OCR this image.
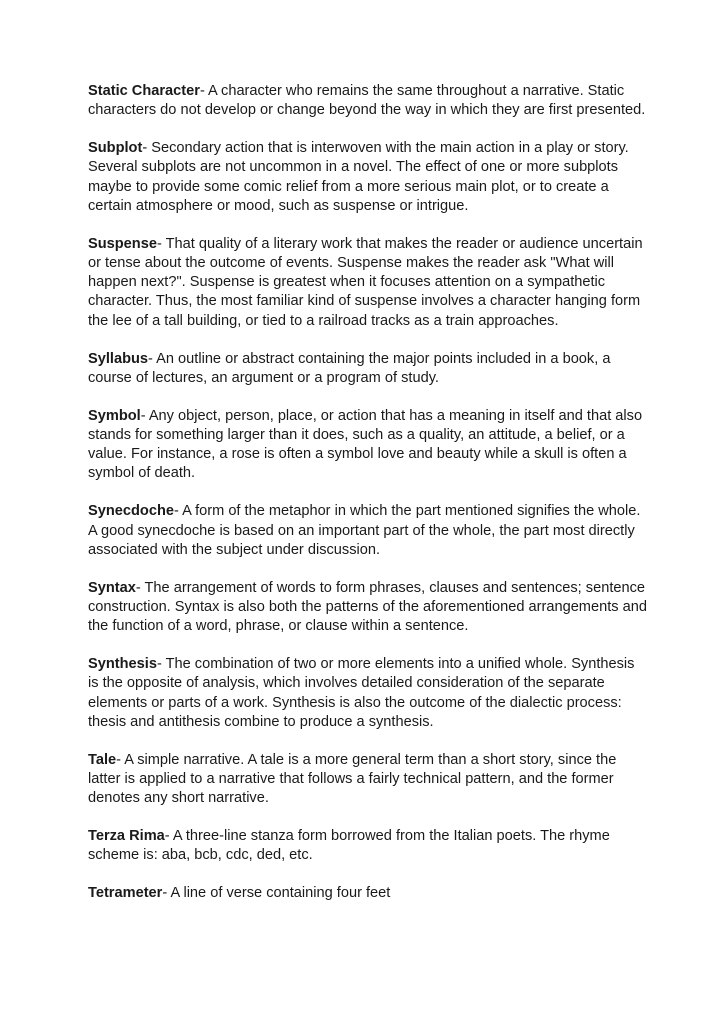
Static Character- A character who remains the same throughout a narrative. Static characters do not develop or change beyond the way in which they are first presented.

Subplot- Secondary action that is interwoven with the main action in a play or story. Several subplots are not uncommon in a novel. The effect of one or more subplots maybe to provide some comic relief from a more serious main plot, or to create a certain atmosphere or mood, such as suspense or intrigue.

Suspense- That quality of a literary work that makes the reader or audience uncertain or tense about the outcome of events. Suspense makes the reader ask "What will happen next?". Suspense is greatest when it focuses attention on a sympathetic character. Thus, the most familiar kind of suspense involves a character hanging form the lee of a tall building, or tied to a railroad tracks as a train approaches.

Syllabus- An outline or abstract containing the major points included in a book, a course of lectures, an argument or a program of study.

Symbol- Any object, person, place, or action that has a meaning in itself and that also stands for something larger than it does, such as a quality, an attitude, a belief, or a value. For instance, a rose is often a symbol love and beauty while a skull is often a symbol of death.

Synecdoche- A form of the metaphor in which the part mentioned signifies the whole. A good synecdoche is based on an important part of the whole, the part most directly associated with the subject under discussion.

Syntax- The arrangement of words to form phrases, clauses and sentences; sentence construction. Syntax is also both the patterns of the aforementioned arrangements and the function of a word, phrase, or clause within a sentence.

Synthesis- The combination of two or more elements into a unified whole. Synthesis is the opposite of analysis, which involves detailed consideration of the separate elements or parts of a work. Synthesis is also the outcome of the dialectic process: thesis and antithesis combine to produce a synthesis.

Tale- A simple narrative. A tale is a more general term than a short story, since the latter is applied to a narrative that follows a fairly technical pattern, and the former denotes any short narrative.

Terza Rima- A three-line stanza form borrowed from the Italian poets. The rhyme scheme is: aba, bcb, cdc, ded, etc.

Tetrameter- A line of verse containing four feet
